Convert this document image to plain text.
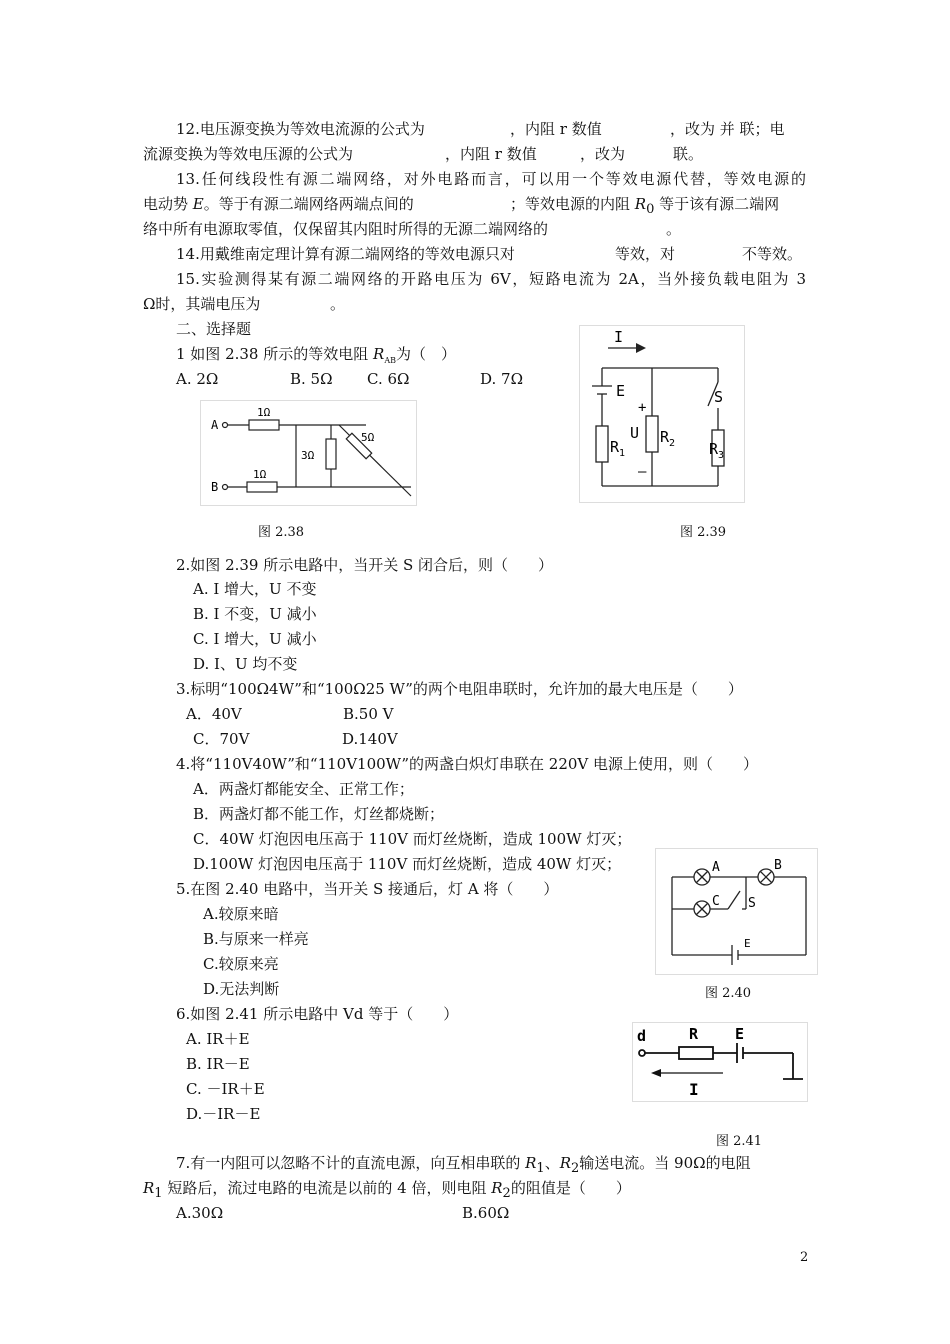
12.电压源变换为等效电流源的公式为	，内阻 r 数值	，改为 并 联；电
流源变换为等效电压源的公式为	，内阻 r 数值	，改为	联。
13.任何线段性有源二端网络，对外电路而言，可以用一个等效电源代替，等效电源的
电动势 E。等于有源二端网络两端点间的	；等效电源的内阻 $R_0$ 等于该有源二端网
络中所有电源取零值，仅保留其内阻时所得的无源二端网络的	。
14.用戴维南定理计算有源二端网络的等效电源只对	等效，对	不等效。
15.实验测得某有源二端网络的开路电压为 6V，短路电流为 2A，当外接负载电阻为 3
Ω时，其端电压为	。
二、选择题
1 如图 2.38 所示的等效电阻 $R_{AB}$为（　）
A. 2Ω	B. 5Ω C. 6Ω	D. 7Ω
A
B
1Ω
1Ω
3Ω
5Ω
I
E
+
U
–
$R_1$
$R_2$ $R_3$
S
图 2.38	图 2.39
2.如图 2.39 所示电路中，当开关 S 闭合后，则（　　）
A. I 增大，U 不变
B. I 不变，U 减小
C. I 增大，U 减小
D. I、U 均不变
3.标明“100Ω4W”和“100Ω25 W”的两个电阻串联时，允许加的最大电压是（　　）
A．40V	B.50 V
C．70V	D.140V
4.将“110V40W”和“110V100W”的两盏白炽灯串联在 220V 电源上使用，则（　　）
A．两盏灯都能安全、正常工作；
B．两盏灯都不能工作，灯丝都烧断；
C．40W 灯泡因电压高于 110V 而灯丝烧断，造成 100W 灯灭；
D.100W 灯泡因电压高于 110V 而灯丝烧断，造成 40W 灯灭；	A	B
C S
E
5.在图 2.40 电路中，当开关 S 接通后，灯 A 将（　　）
A.较原来暗
B.与原来一样亮
C.较原来亮
D.无法判断	图 2.40
6.如图 2.41 所示电路中 Vd 等于（　　）
A. IR＋E
B. IR－E
C. －IR＋E
D.－IR－E
d	R E
I
图 2.41
7.有一内阻可以忽略不计的直流电源，向互相串联的 $R_1$、$R_2$输送电流。当 90Ω的电阻
$R_1$ 短路后，流过电路的电流是以前的 4 倍，则电阻 $R_2$的阻值是（　　）
A.30Ω	B.60Ω
2
